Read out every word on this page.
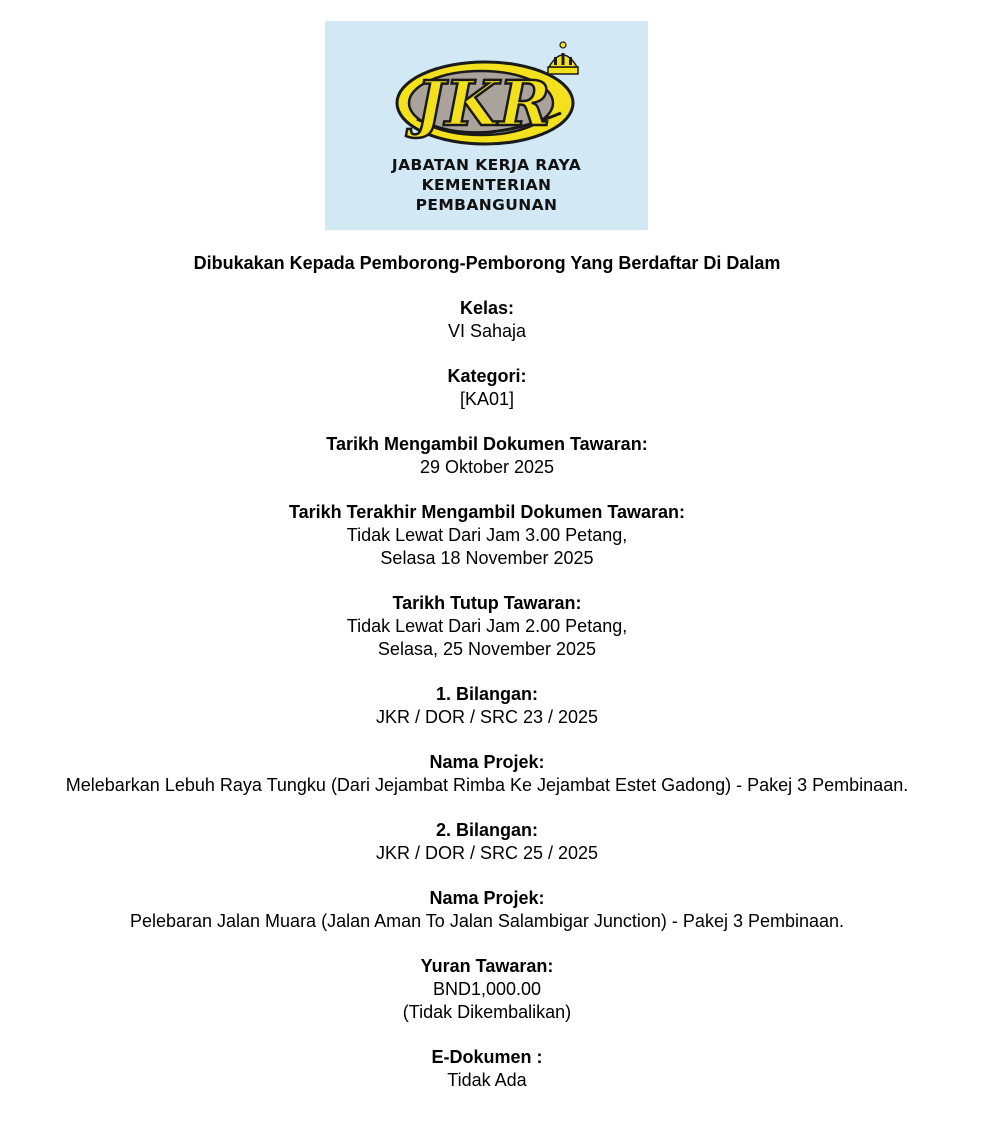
JKR
JABATAN KERJA RAYA
KEMENTERIAN
PEMBANGUNAN
Dibukakan Kepada Pemborong-Pemborong Yang Berdaftar Di Dalam
Kelas:
VI Sahaja
Kategori:
[KA01]
Tarikh Mengambil Dokumen Tawaran:
29 Oktober 2025
Tarikh Terakhir Mengambil Dokumen Tawaran:
Tidak Lewat Dari Jam 3.00 Petang,
Selasa 18 November 2025
Tarikh Tutup Tawaran:
Tidak Lewat Dari Jam 2.00 Petang,
Selasa, 25 November 2025
1. Bilangan:
JKR / DOR / SRC 23 / 2025
Nama Projek:
Melebarkan Lebuh Raya Tungku (Dari Jejambat Rimba Ke Jejambat Estet Gadong) - Pakej 3 Pembinaan.
2. Bilangan:
JKR / DOR / SRC 25 / 2025
Nama Projek:
Pelebaran Jalan Muara (Jalan Aman To Jalan Salambigar Junction) - Pakej 3 Pembinaan.
Yuran Tawaran:
BND1,000.00
(Tidak Dikembalikan)
E-Dokumen :
Tidak Ada
